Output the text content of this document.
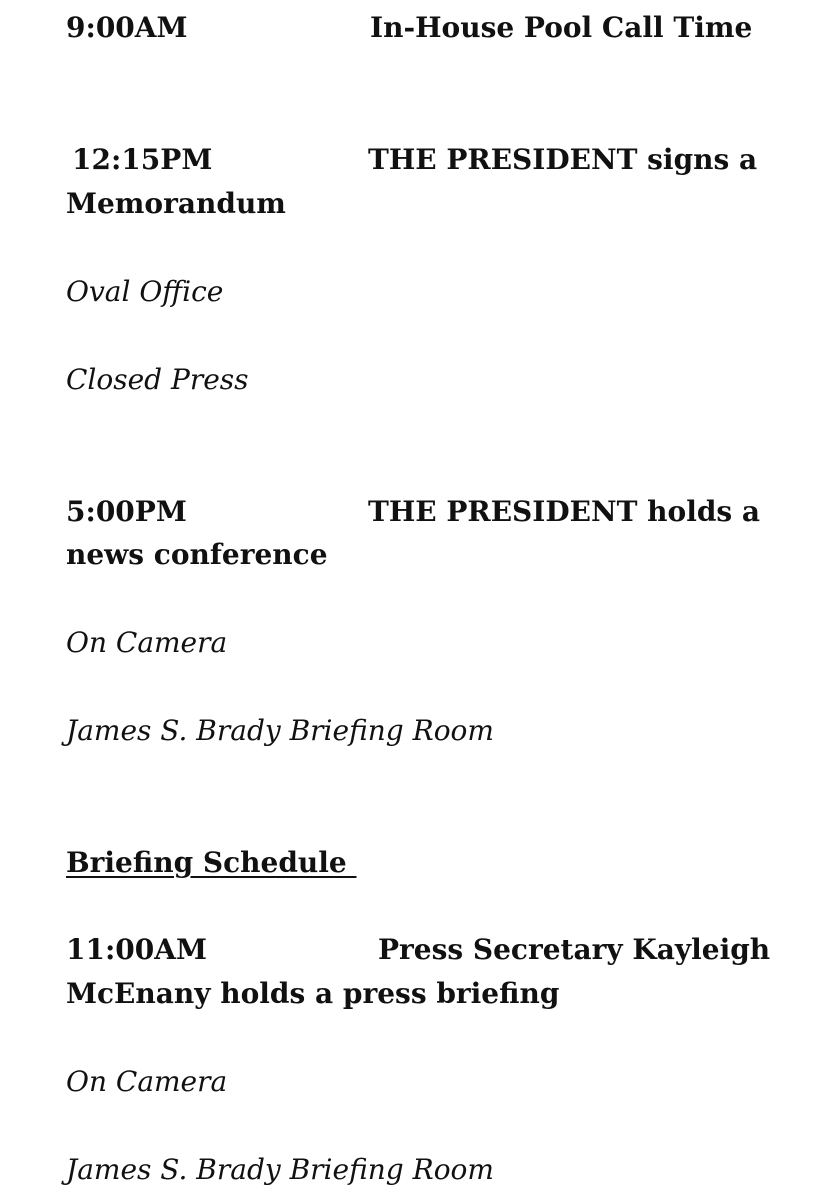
9:00AM	In-House Pool Call Time
12:15PM	THE PRESIDENT signs a
Memorandum
Oval Office
Closed Press
5:00PM	THE PRESIDENT holds a
news conference
On Camera
James S. Brady Briefing Room
Briefing Schedule
11:00AM	Press Secretary Kayleigh
McEnany holds a press briefing
On Camera
James S. Brady Briefing Room
